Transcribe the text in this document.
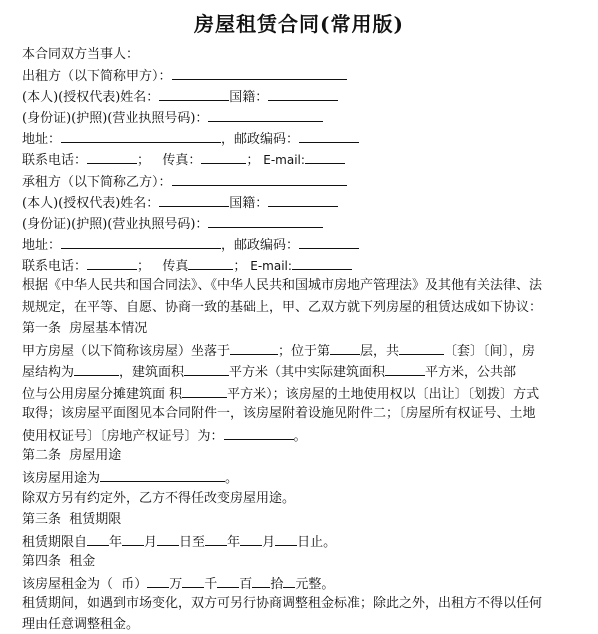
房屋租赁合同(常用版)
本合同双方当事人：
出租方（以下简称甲方）：
(本人)(授权代表)姓名：	国籍：
(身份证)(护照)(营业执照号码)：
地址：	，邮政编码：
联系电话：	；   传真：	； E-mail:
承租方（以下简称乙方）：
(本人)(授权代表)姓名：	国籍：
(身份证)(护照)(营业执照号码)：
地址：	，邮政编码：
联系电话：	；   传真	； E-mail:
根据《中华人民共和国合同法》、《中华人民共和国城市房地产管理法》及其他有关法律、法
规规定，在平等、自愿、协商一致的基础上，甲、乙双方就下列房屋的租赁达成如下协议：
第一条  房屋基本情况
甲方房屋（以下简称该房屋）坐落于	；位于第 层，共	〔套〕〔间〕，房
屋结构为	，建筑面积	平方米（其中实际建筑面积	平方米，公共部
位与公用房屋分摊建筑面 积	平方米）；该房屋的土地使用权以〔出让〕〔划拨〕方式
取得；该房屋平面图见本合同附件一，该房屋附着设施见附件二；〔房屋所有权证号、土地
使用权证号〕〔房地产权证号〕为：	。
第二条  房屋用途
该房屋用途为	。
除双方另有约定外，乙方不得任改变房屋用途。
第三条  租赁期限
租赁期限自 年 月 日至 年 月 日止。
第四条  租金
该房屋租金为（  币） 万 千 百 拾 元整。
租赁期间，如遇到市场变化，双方可另行协商调整租金标准；除此之外，出租方不得以任何
理由任意调整租金。
